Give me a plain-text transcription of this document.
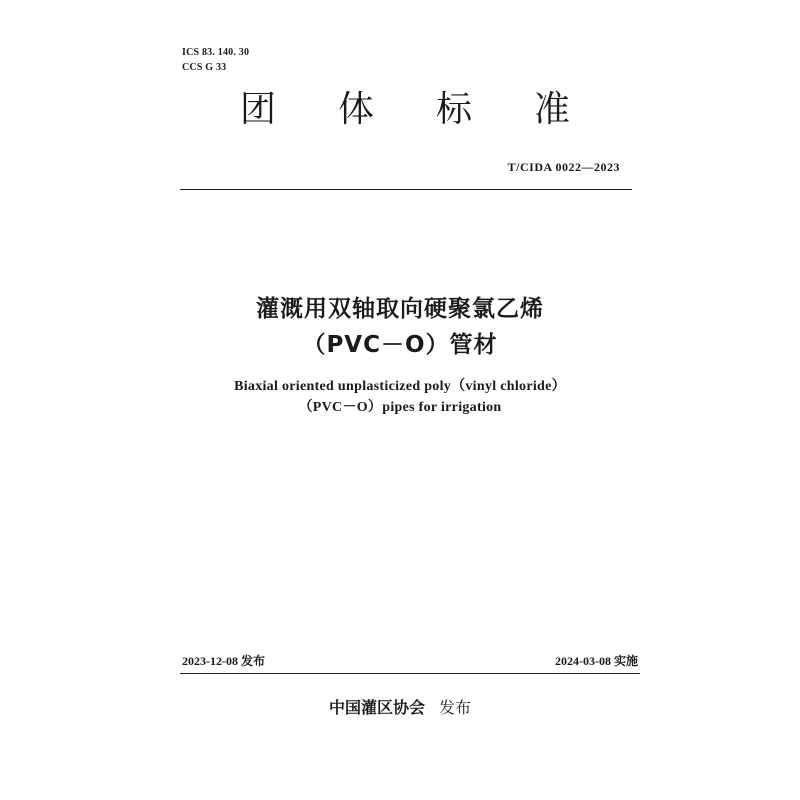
ICS 83. 140. 30
CCS G 33
团 体 标 准
T/CIDA 0022—2023
灌溉用双轴取向硬聚氯乙烯
（PVC－O）管材
Biaxial oriented unplasticized poly（vinyl chloride）
（PVC－O）pipes for irrigation
2023-12-08 发布	2024-03-08 实施
中国灌区协会 发布
